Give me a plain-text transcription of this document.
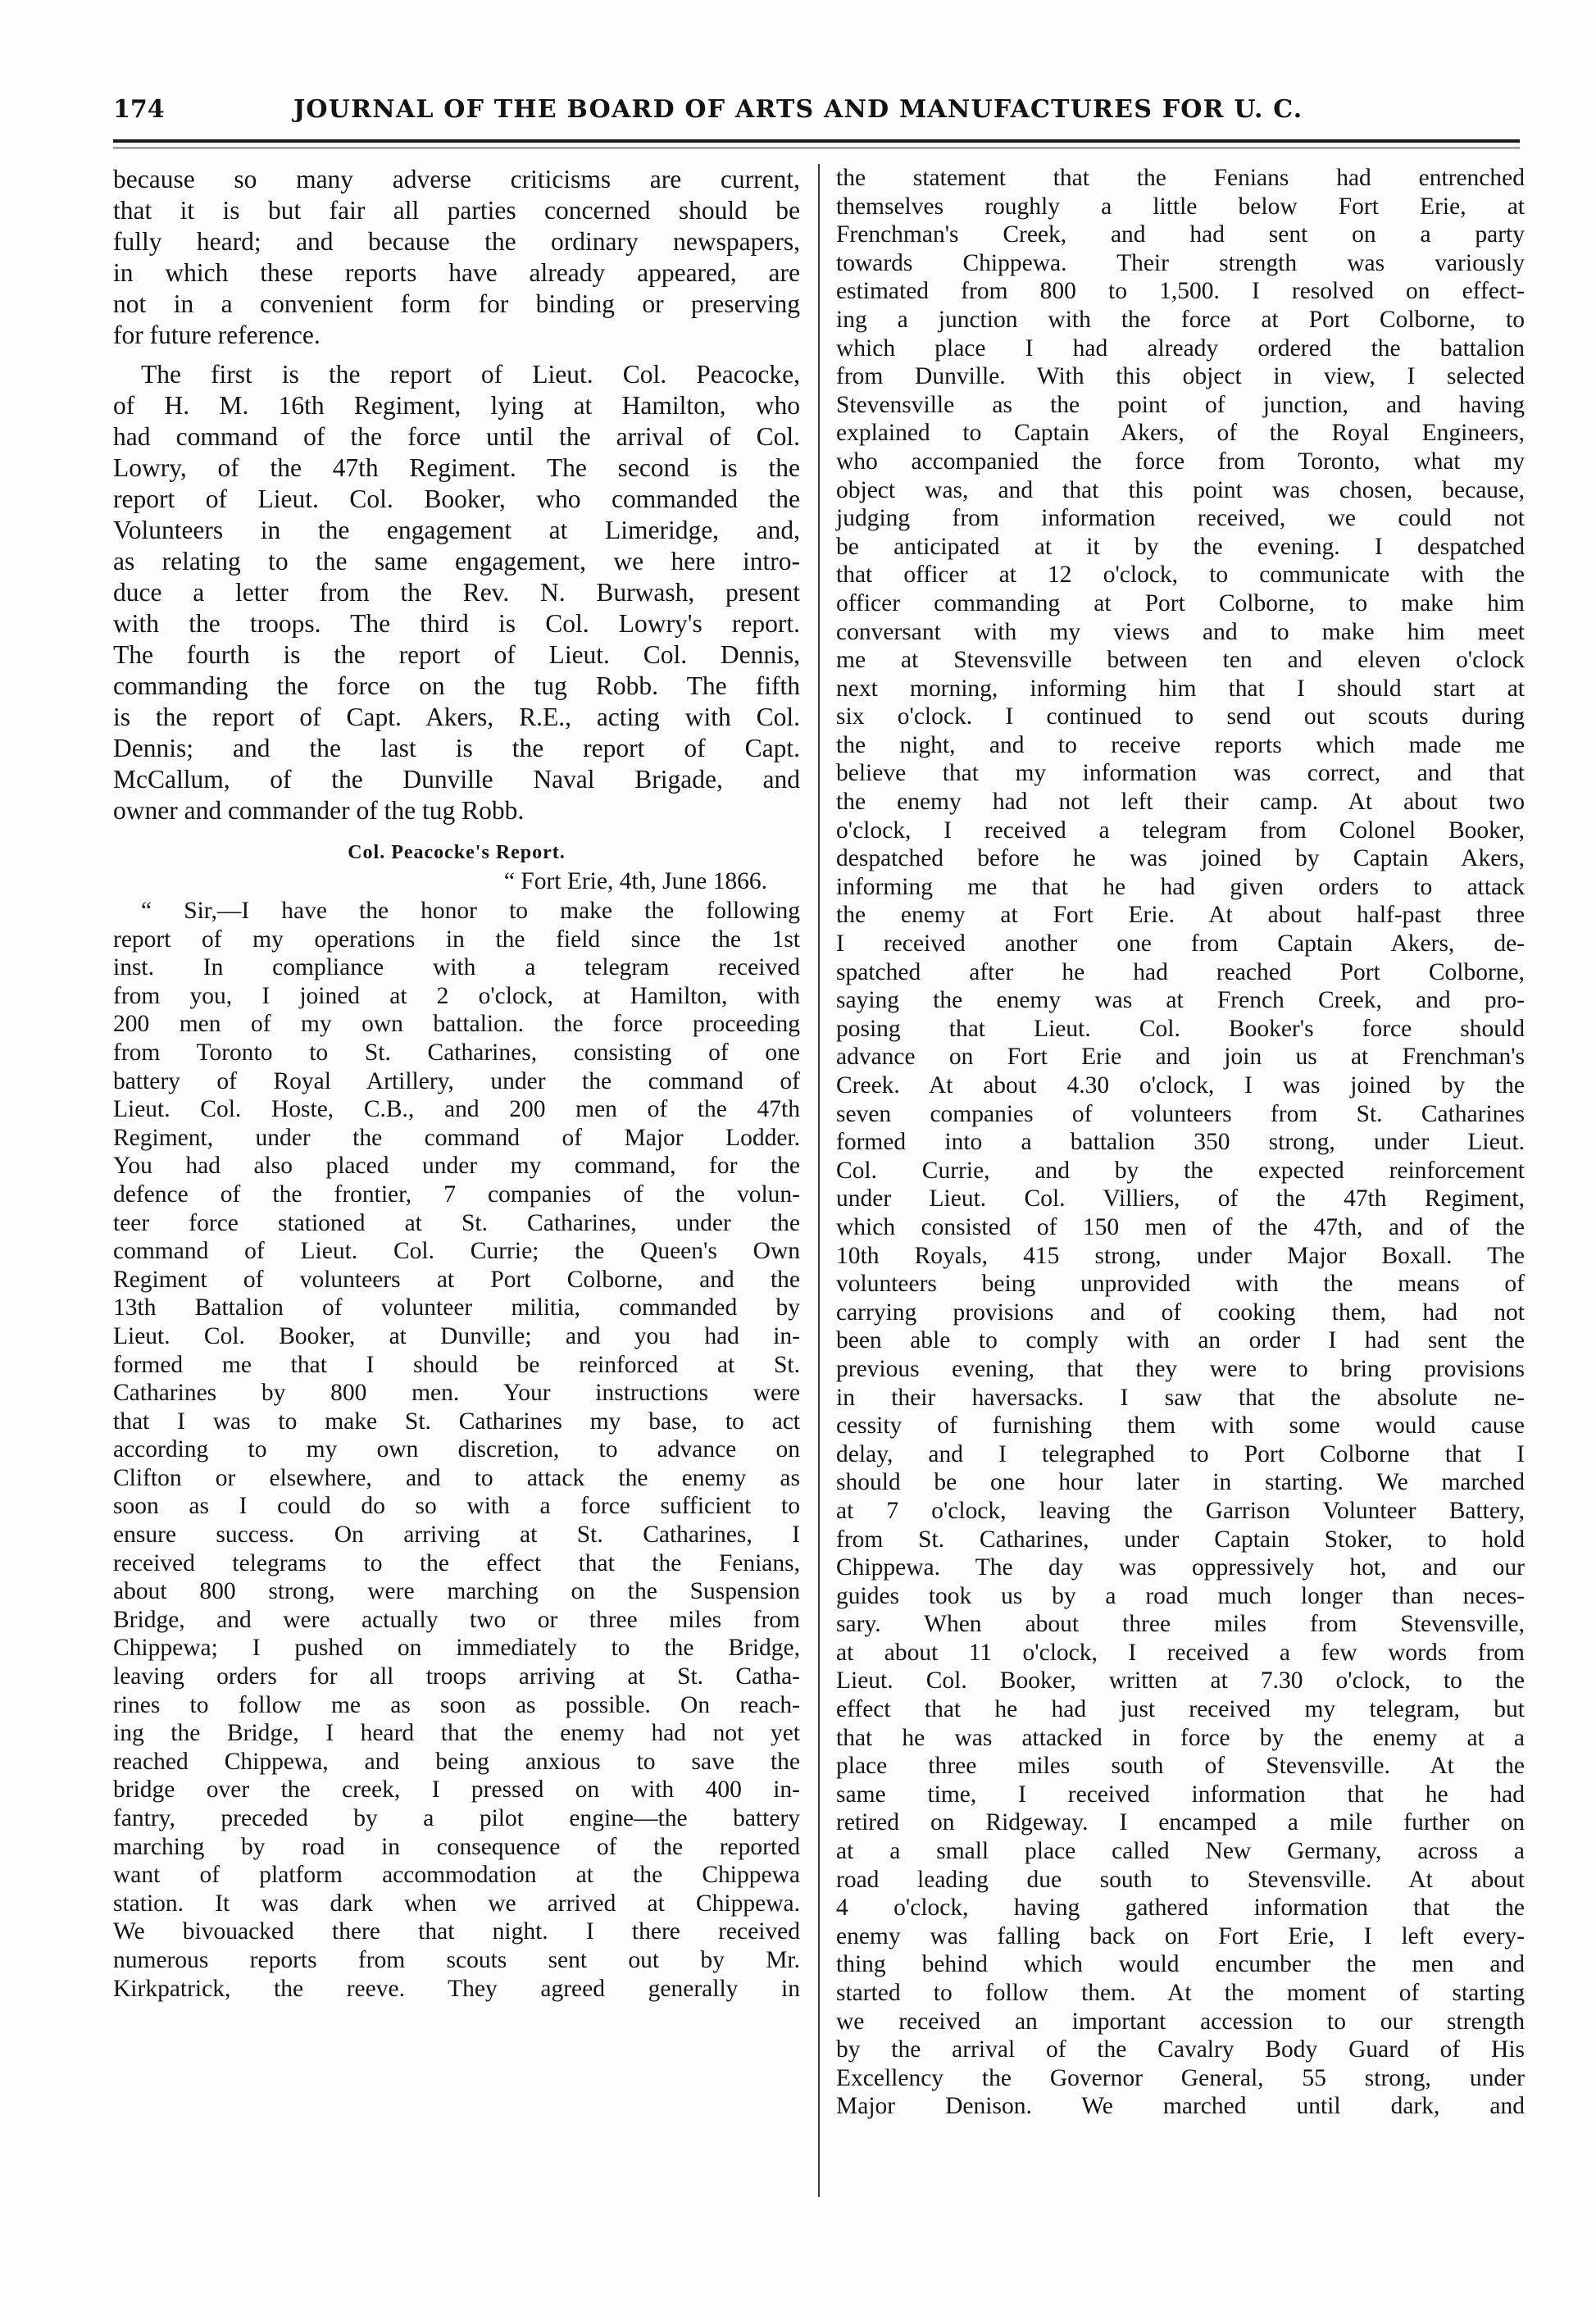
174	JOURNAL OF THE BOARD OF ARTS AND MANUFACTURES FOR U. C.
because so many adverse criticisms are current,
that it is but fair all parties concerned should be
fully heard; and because the ordinary newspapers,
in which these reports have already appeared, are
not in a convenient form for binding or preserving
for future reference.
The first is the report of Lieut. Col. Peacocke,
of H. M. 16th Regiment, lying at Hamilton, who
had command of the force until the arrival of Col.
Lowry, of the 47th Regiment. The second is the
report of Lieut. Col. Booker, who commanded the
Volunteers in the engagement at Limeridge, and,
as relating to the same engagement, we here intro-
duce a letter from the Rev. N. Burwash, present
with the troops. The third is Col. Lowry's report.
The fourth is the report of Lieut. Col. Dennis,
commanding the force on the tug Robb. The fifth
is the report of Capt. Akers, R.E., acting with Col.
Dennis; and the last is the report of Capt.
McCallum, of the Dunville Naval Brigade, and
owner and commander of the tug Robb.
Col. Peacocke's Report.
“ Fort Erie, 4th, June 1866.
“ Sir,—I have the honor to make the following
report of my operations in the field since the 1st
inst. In compliance with a telegram received
from you, I joined at 2 o'clock, at Hamilton, with
200 men of my own battalion. the force proceeding
from Toronto to St. Catharines, consisting of one
battery of Royal Artillery, under the command of
Lieut. Col. Hoste, C.B., and 200 men of the 47th
Regiment, under the command of Major Lodder.
You had also placed under my command, for the
defence of the frontier, 7 companies of the volun-
teer force stationed at St. Catharines, under the
command of Lieut. Col. Currie; the Queen's Own
Regiment of volunteers at Port Colborne, and the
13th Battalion of volunteer militia, commanded by
Lieut. Col. Booker, at Dunville; and you had in-
formed me that I should be reinforced at St.
Catharines by 800 men. Your instructions were
that I was to make St. Catharines my base, to act
according to my own discretion, to advance on
Clifton or elsewhere, and to attack the enemy as
soon as I could do so with a force sufficient to
ensure success. On arriving at St. Catharines, I
received telegrams to the effect that the Fenians,
about 800 strong, were marching on the Suspension
Bridge, and were actually two or three miles from
Chippewa; I pushed on immediately to the Bridge,
leaving orders for all troops arriving at St. Catha-
rines to follow me as soon as possible. On reach-
ing the Bridge, I heard that the enemy had not yet
reached Chippewa, and being anxious to save the
bridge over the creek, I pressed on with 400 in-
fantry, preceded by a pilot engine—the battery
marching by road in consequence of the reported
want of platform accommodation at the Chippewa
station. It was dark when we arrived at Chippewa.
We bivouacked there that night. I there received
numerous reports from scouts sent out by Mr.
Kirkpatrick, the reeve. They agreed generally in
the statement that the Fenians had entrenched
themselves roughly a little below Fort Erie, at
Frenchman's Creek, and had sent on a party
towards Chippewa. Their strength was variously
estimated from 800 to 1,500. I resolved on effect-
ing a junction with the force at Port Colborne, to
which place I had already ordered the battalion
from Dunville. With this object in view, I selected
Stevensville as the point of junction, and having
explained to Captain Akers, of the Royal Engineers,
who accompanied the force from Toronto, what my
object was, and that this point was chosen, because,
judging from information received, we could not
be anticipated at it by the evening. I despatched
that officer at 12 o'clock, to communicate with the
officer commanding at Port Colborne, to make him
conversant with my views and to make him meet
me at Stevensville between ten and eleven o'clock
next morning, informing him that I should start at
six o'clock. I continued to send out scouts during
the night, and to receive reports which made me
believe that my information was correct, and that
the enemy had not left their camp. At about two
o'clock, I received a telegram from Colonel Booker,
despatched before he was joined by Captain Akers,
informing me that he had given orders to attack
the enemy at Fort Erie. At about half-past three
I received another one from Captain Akers, de-
spatched after he had reached Port Colborne,
saying the enemy was at French Creek, and pro-
posing that Lieut. Col. Booker's force should
advance on Fort Erie and join us at Frenchman's
Creek. At about 4.30 o'clock, I was joined by the
seven companies of volunteers from St. Catharines
formed into a battalion 350 strong, under Lieut.
Col. Currie, and by the expected reinforcement
under Lieut. Col. Villiers, of the 47th Regiment,
which consisted of 150 men of the 47th, and of the
10th Royals, 415 strong, under Major Boxall. The
volunteers being unprovided with the means of
carrying provisions and of cooking them, had not
been able to comply with an order I had sent the
previous evening, that they were to bring provisions
in their haversacks. I saw that the absolute ne-
cessity of furnishing them with some would cause
delay, and I telegraphed to Port Colborne that I
should be one hour later in starting. We marched
at 7 o'clock, leaving the Garrison Volunteer Battery,
from St. Catharines, under Captain Stoker, to hold
Chippewa. The day was oppressively hot, and our
guides took us by a road much longer than neces-
sary. When about three miles from Stevensville,
at about 11 o'clock, I received a few words from
Lieut. Col. Booker, written at 7.30 o'clock, to the
effect that he had just received my telegram, but
that he was attacked in force by the enemy at a
place three miles south of Stevensville. At the
same time, I received information that he had
retired on Ridgeway. I encamped a mile further on
at a small place called New Germany, across a
road leading due south to Stevensville. At about
4 o'clock, having gathered information that the
enemy was falling back on Fort Erie, I left every-
thing behind which would encumber the men and
started to follow them. At the moment of starting
we received an important accession to our strength
by the arrival of the Cavalry Body Guard of His
Excellency the Governor General, 55 strong, under
Major Denison. We marched until dark, and
